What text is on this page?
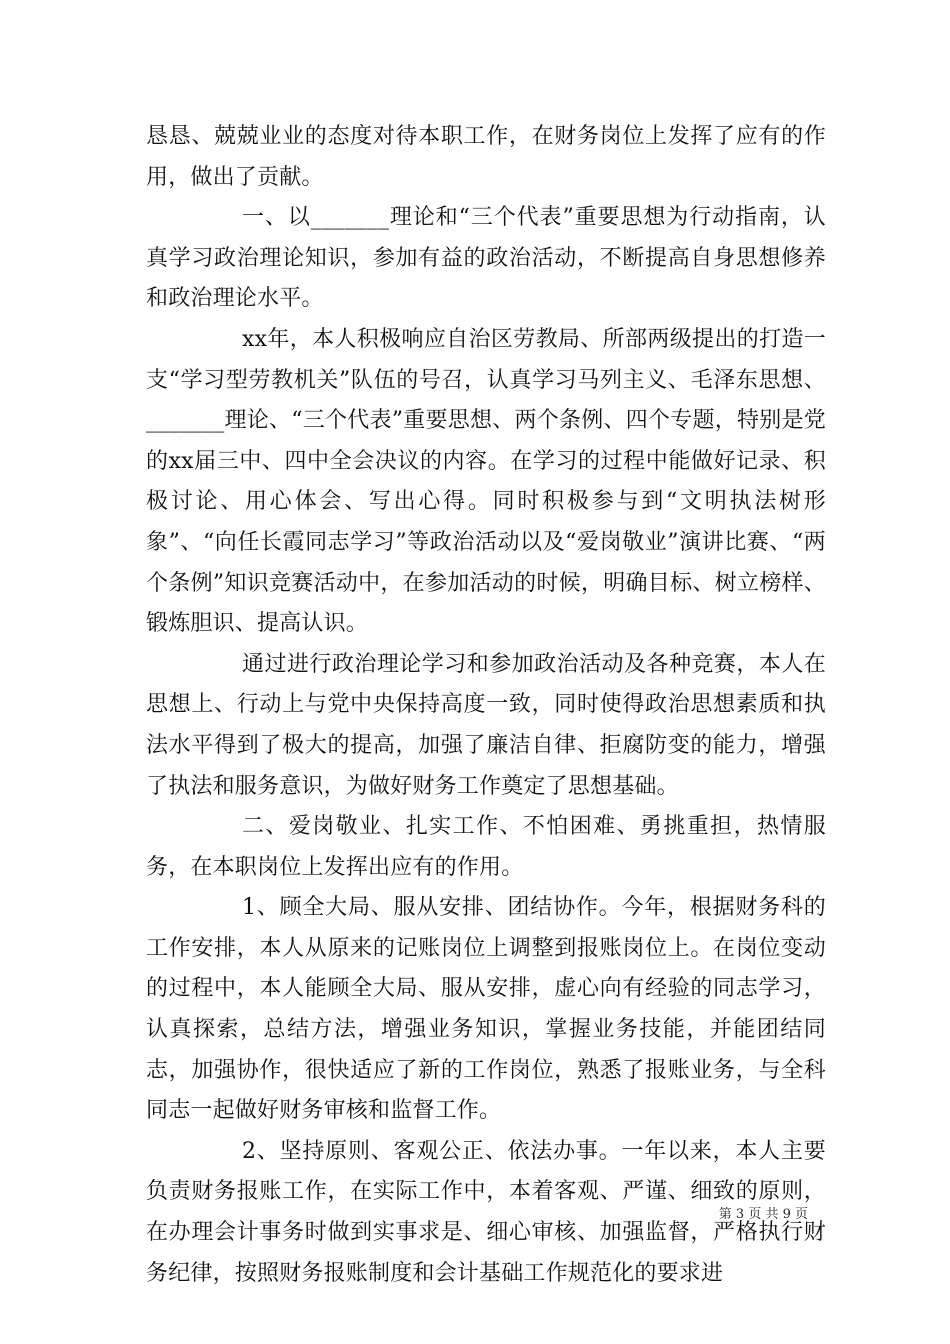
恳恳、兢兢业业的态度对待本职工作，在财务岗位上发挥了应有的作用，做出了贡献。

一、以_______理论和“三个代表”重要思想为行动指南，认真学习政治理论知识，参加有益的政治活动，不断提高自身思想修养和政治理论水平。

xx年，本人积极响应自治区劳教局、所部两级提出的打造一支“学习型劳教机关”队伍的号召，认真学习马列主义、毛泽东思想、_______理论、“三个代表”重要思想、两个条例、四个专题，特别是党的xx届三中、四中全会决议的内容。在学习的过程中能做好记录、积极讨论、用心体会、写出心得。同时积极参与到“文明执法树形象”、“向任长霞同志学习”等政治活动以及“爱岗敬业”演讲比赛、“两个条例”知识竞赛活动中，在参加活动的时候，明确目标、树立榜样、锻炼胆识、提高认识。

通过进行政治理论学习和参加政治活动及各种竞赛，本人在思想上、行动上与党中央保持高度一致，同时使得政治思想素质和执法水平得到了极大的提高，加强了廉洁自律、拒腐防变的能力，增强了执法和服务意识，为做好财务工作奠定了思想基础。

二、爱岗敬业、扎实工作、不怕困难、勇挑重担，热情服务，在本职岗位上发挥出应有的作用。

1、顾全大局、服从安排、团结协作。今年，根据财务科的工作安排，本人从原来的记账岗位上调整到报账岗位上。在岗位变动的过程中，本人能顾全大局、服从安排，虚心向有经验的同志学习，认真探索，总结方法，增强业务知识，掌握业务技能，并能团结同志，加强协作，很快适应了新的工作岗位，熟悉了报账业务，与全科同志一起做好财务审核和监督工作。

2、坚持原则、客观公正、依法办事。一年以来，本人主要负责财务报账工作，在实际工作中，本着客观、严谨、细致的原则，在办理会计事务时做到实事求是、细心审核、加强监督，严格执行财务纪律，按照财务报账制度和会计基础工作规范化的要求进

第 3 页 共 9 页
